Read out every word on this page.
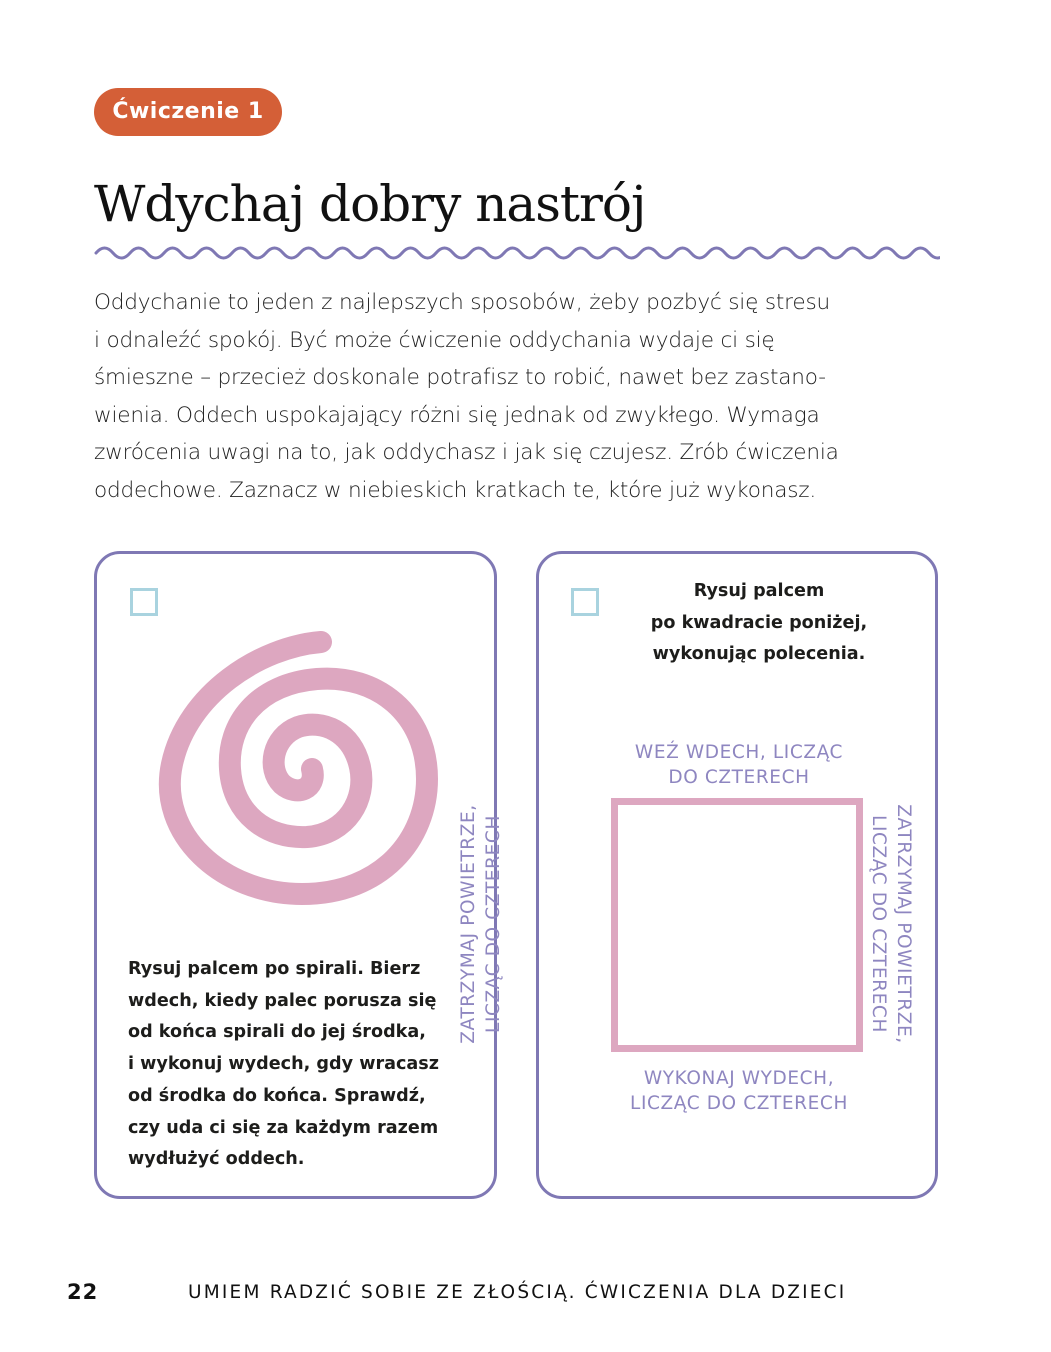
Ćwiczenie 1
Wdychaj dobry nastrój

Oddychanie to jeden z najlepszych sposobów, żeby pozbyć się stresu
i odnaleźć spokój. Być może ćwiczenie oddychania wydaje ci się
śmieszne – przecież doskonale potrafisz to robić, nawet bez zastano-
wienia. Oddech uspokajający różni się jednak od zwykłego. Wymaga
zwrócenia uwagi na to, jak oddychasz i jak się czujesz. Zrób ćwiczenia
oddechowe. Zaznacz w niebieskich kratkach te, które już wykonasz.

Rysuj palcem po spirali. Bierz
wdech, kiedy palec porusza się
od końca spirali do jej środka,
i wykonuj wydech, gdy wracasz
od środka do końca. Sprawdź,
czy uda ci się za każdym razem
wydłużyć oddech.

Rysuj palcem
po kwadracie poniżej,
wykonując polecenia.

WEŹ WDECH, LICZĄC
DO CZTERECH
ZATRZYMAJ POWIETRZE, LICZĄC DO CZTERECH	ZATRZYMAJ POWIETRZE,
LICZĄC DO CZTERECH
WYKONAJ WYDECH,
LICZĄC DO CZTERECH
22	UMIEM RADZIĆ SOBIE ZE ZŁOŚCIĄ. ĆWICZENIA DLA DZIECI
